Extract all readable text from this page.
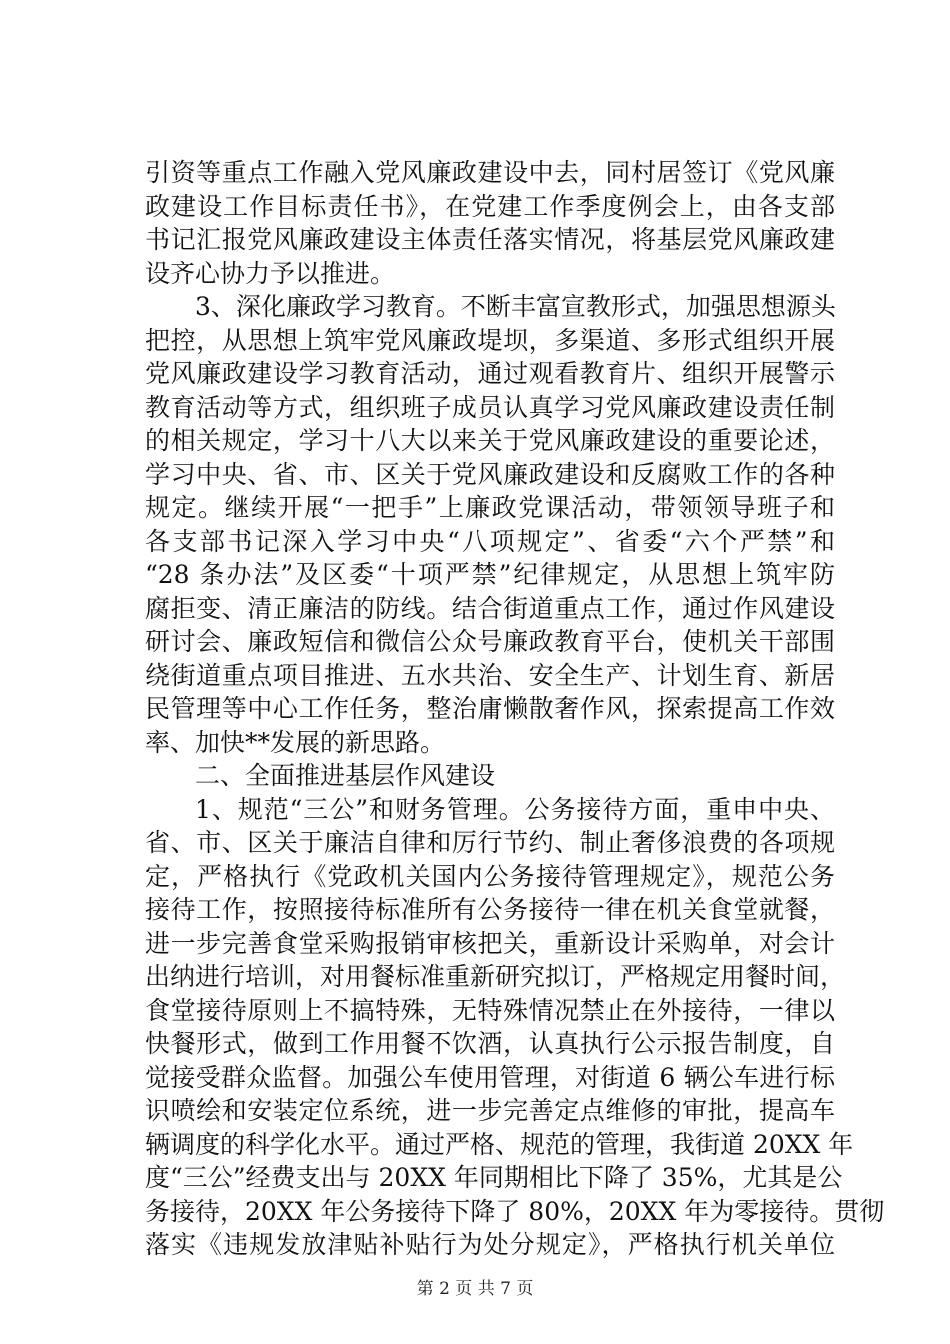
引资等重点工作融入党风廉政建设中去，同村居签订《党风廉
政建设工作目标责任书》，在党建工作季度例会上，由各支部
书记汇报党风廉政建设主体责任落实情况，将基层党风廉政建
设齐心协力予以推进。
3、深化廉政学习教育。不断丰富宣教形式，加强思想源头
把控，从思想上筑牢党风廉政堤坝，多渠道、多形式组织开展
党风廉政建设学习教育活动，通过观看教育片、组织开展警示
教育活动等方式，组织班子成员认真学习党风廉政建设责任制
的相关规定，学习十八大以来关于党风廉政建设的重要论述，
学习中央、省、市、区关于党风廉政建设和反腐败工作的各种
规定。继续开展“一把手”上廉政党课活动，带领领导班子和
各支部书记深入学习中央“八项规定”、省委“六个严禁”和
“28 条办法”及区委“十项严禁”纪律规定，从思想上筑牢防
腐拒变、清正廉洁的防线。结合街道重点工作，通过作风建设
研讨会、廉政短信和微信公众号廉政教育平台，使机关干部围
绕街道重点项目推进、五水共治、安全生产、计划生育、新居
民管理等中心工作任务，整治庸懒散奢作风，探索提高工作效
率、加快**发展的新思路。
二、全面推进基层作风建设
1、规范“三公”和财务管理。公务接待方面，重申中央、
省、市、区关于廉洁自律和厉行节约、制止奢侈浪费的各项规
定，严格执行《党政机关国内公务接待管理规定》，规范公务
接待工作，按照接待标准所有公务接待一律在机关食堂就餐，
进一步完善食堂采购报销审核把关，重新设计采购单，对会计
出纳进行培训，对用餐标准重新研究拟订，严格规定用餐时间，
食堂接待原则上不搞特殊，无特殊情况禁止在外接待，一律以
快餐形式，做到工作用餐不饮酒，认真执行公示报告制度，自
觉接受群众监督。加强公车使用管理，对街道 6 辆公车进行标
识喷绘和安装定位系统，进一步完善定点维修的审批，提高车
辆调度的科学化水平。通过严格、规范的管理，我街道 20XX 年
度“三公”经费支出与 20XX 年同期相比下降了 35%，尤其是公
务接待，20XX 年公务接待下降了 80%，20XX 年为零接待。贯彻
落实《违规发放津贴补贴行为处分规定》，严格执行机关单位
第 2 页 共 7 页
